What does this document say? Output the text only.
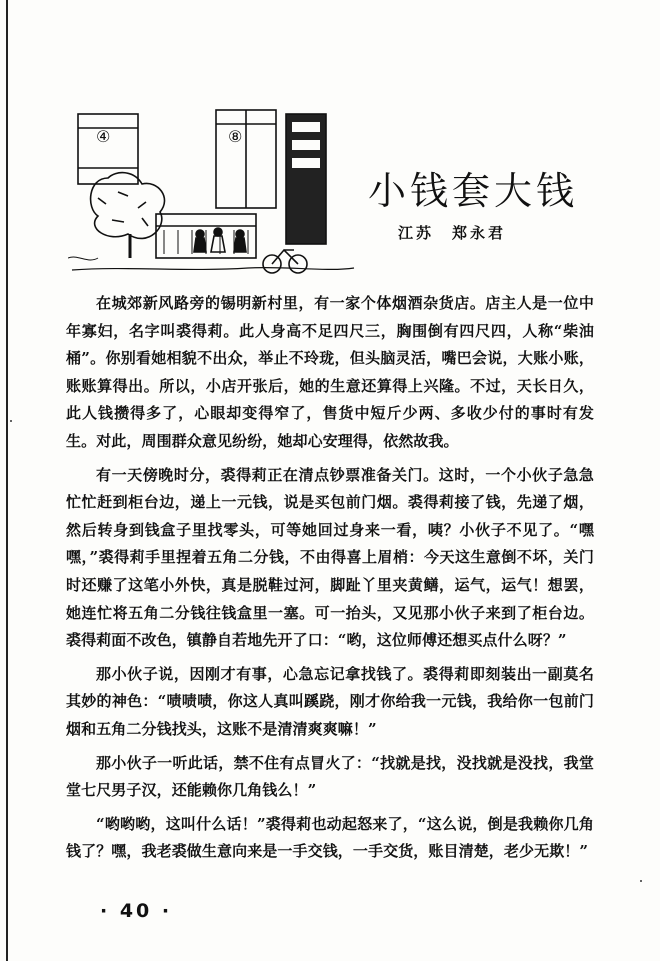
④	⑧
小钱套大钱
江苏　郑永君

在城郊新风路旁的锡明新村里，有一家个体烟酒杂货店。店主人是一位中年寡妇，名字叫裘得莉。此人身高不足四尺三，胸围倒有四尺四，人称“柴油桶”。你别看她相貌不出众，举止不玲珑，但头脑灵活，嘴巴会说，大账小账，账账算得出。所以，小店开张后，她的生意还算得上兴隆。不过，天长日久，此人钱攒得多了，心眼却变得窄了，售货中短斤少两、多收少付的事时有发生。对此，周围群众意见纷纷，她却心安理得，依然故我。

有一天傍晚时分，裘得莉正在清点钞票准备关门。这时，一个小伙子急急忙忙赶到柜台边，递上一元钱，说是买包前门烟。裘得莉接了钱，先递了烟，然后转身到钱盒子里找零头，可等她回过身来一看，咦？小伙子不见了。“嘿嘿，”裘得莉手里捏着五角二分钱，不由得喜上眉梢：今天这生意倒不坏，关门时还赚了这笔小外快，真是脱鞋过河，脚趾丫里夹黄鳝，运气，运气！想罢，她连忙将五角二分钱往钱盒里一塞。可一抬头，又见那小伙子来到了柜台边。裘得莉面不改色，镇静自若地先开了口：“哟，这位师傅还想买点什么呀？”

那小伙子说，因刚才有事，心急忘记拿找钱了。裘得莉即刻装出一副莫名其妙的神色：“啧啧啧，你这人真叫蹊跷，刚才你给我一元钱，我给你一包前门烟和五角二分钱找头，这账不是清清爽爽嘛！”

那小伙子一听此话，禁不住有点冒火了：“找就是找，没找就是没找，我堂堂七尺男子汉，还能赖你几角钱么！”

“哟哟哟，这叫什么话！”裘得莉也动起怒来了，“这么说，倒是我赖你几角钱了？嘿，我老裘做生意向来是一手交钱，一手交货，账目清楚，老少无欺！”

· 40 ·
